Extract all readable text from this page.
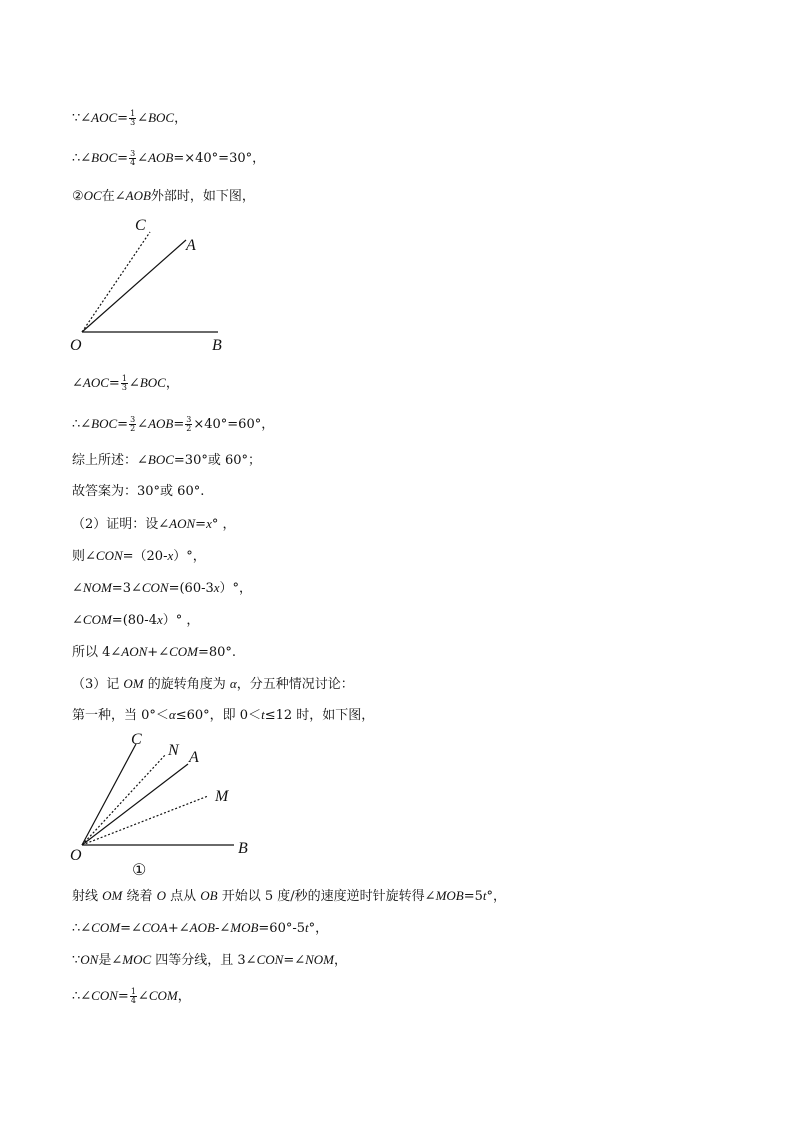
∵∠AOC= $\frac{1}{3}$ ∠BOC，
∴∠BOC= $\frac{3}{4}$ ∠AOB=×40°=30°，
②OC在∠AOB外部时，如下图，
C
A
O	B
∠AOC= $\frac{1}{3}$ ∠BOC，
∴∠BOC= $\frac{3}{2}$ ∠AOB= $\frac{3}{2} \times 40^\circ=60^\circ$，
综上所述：∠BOC=30°或 60°；
故答案为：30°或 60°.
（2）证明：设∠AON=x° ，
则∠CON=（20-x）°，
∠NOM=3∠CON=(60-3x）°，
∠COM=(80-4x）° ，
所以 4∠AON+∠COM=80°.
（3）记 OM 的旋转角度为 α，分五种情况讨论：
第一种，当 0°＜α≤60°，即 0＜t≤12 时，如下图，
C
N A
M
O	B
①
射线 OM 绕着 O 点从 OB 开始以 5 度/秒的速度逆时针旋转得∠MOB=5t°，
∴∠COM=∠COA+∠AOB-∠MOB=60°-5t°，
∵ON是∠MOC 四等分线，且 3∠CON=∠NOM，
∴∠CON= $\frac{1}{4}$ ∠COM，
